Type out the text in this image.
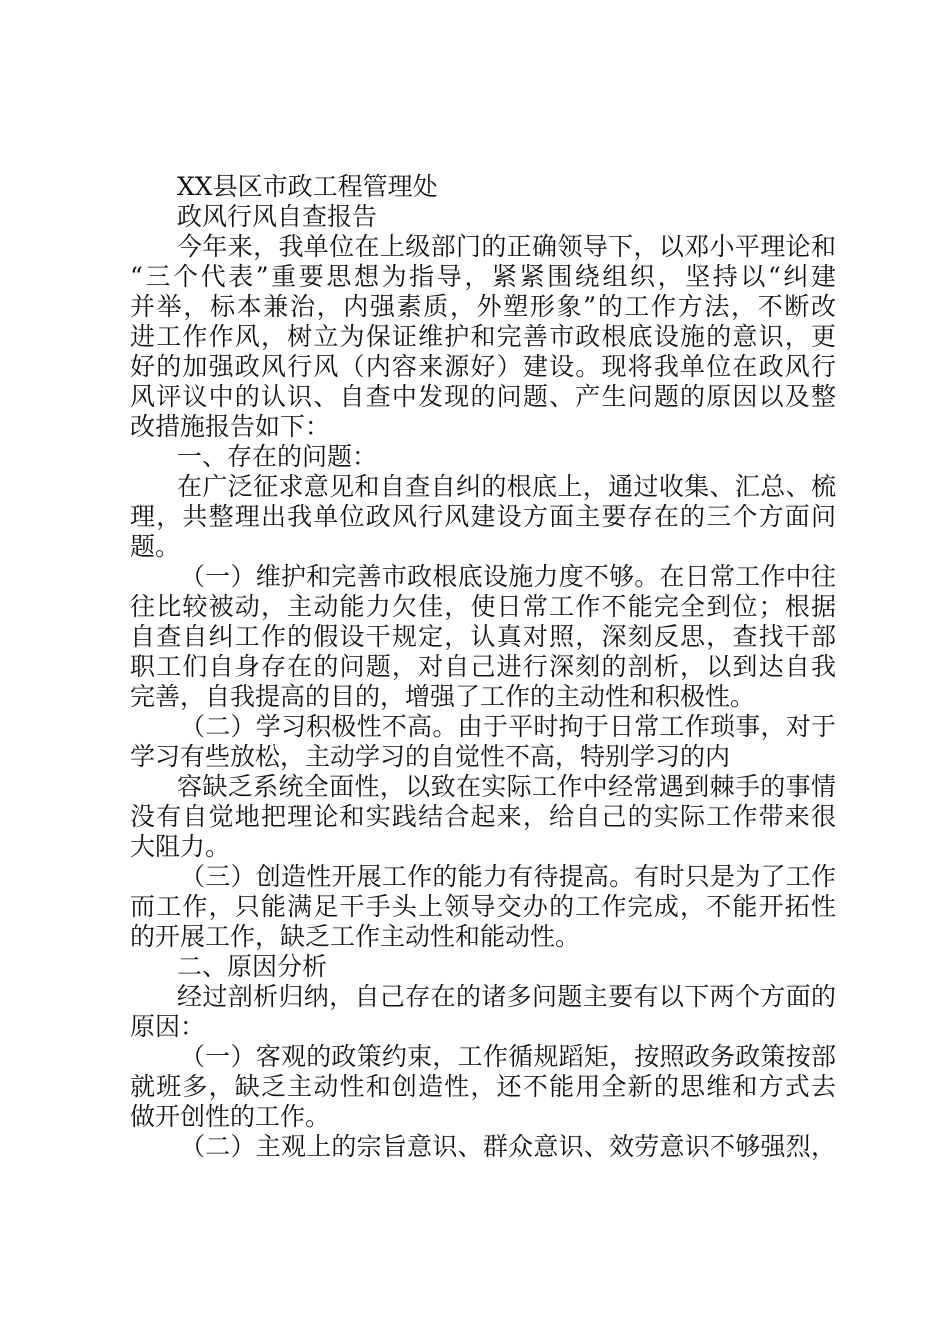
XX县区市政工程管理处
政风行风自查报告
今年来，我单位在上级部门的正确领导下，以邓小平理论和
“三个代表”重要思想为指导，紧紧围绕组织，坚持以“纠建
并举，标本兼治，内强素质，外塑形象”的工作方法，不断改
进工作作风，树立为保证维护和完善市政根底设施的意识，更
好的加强政风行风（内容来源好）建设。现将我单位在政风行
风评议中的认识、自查中发现的问题、产生问题的原因以及整
改措施报告如下：
一、存在的问题：
在广泛征求意见和自查自纠的根底上，通过收集、汇总、梳
理，共整理出我单位政风行风建设方面主要存在的三个方面问
题。
（一）维护和完善市政根底设施力度不够。在日常工作中往
往比较被动，主动能力欠佳，使日常工作不能完全到位；根据
自查自纠工作的假设干规定，认真对照，深刻反思，查找干部
职工们自身存在的问题，对自己进行深刻的剖析，以到达自我
完善，自我提高的目的，增强了工作的主动性和积极性。
（二）学习积极性不高。由于平时拘于日常工作琐事，对于
学习有些放松，主动学习的自觉性不高，特别学习的内
容缺乏系统全面性，以致在实际工作中经常遇到棘手的事情
没有自觉地把理论和实践结合起来，给自己的实际工作带来很
大阻力。
（三）创造性开展工作的能力有待提高。有时只是为了工作
而工作，只能满足干手头上领导交办的工作完成，不能开拓性
的开展工作，缺乏工作主动性和能动性。
二、原因分析
经过剖析归纳，自己存在的诸多问题主要有以下两个方面的
原因：
（一）客观的政策约束，工作循规蹈矩，按照政务政策按部
就班多，缺乏主动性和创造性，还不能用全新的思维和方式去
做开创性的工作。
（二）主观上的宗旨意识、群众意识、效劳意识不够强烈，
